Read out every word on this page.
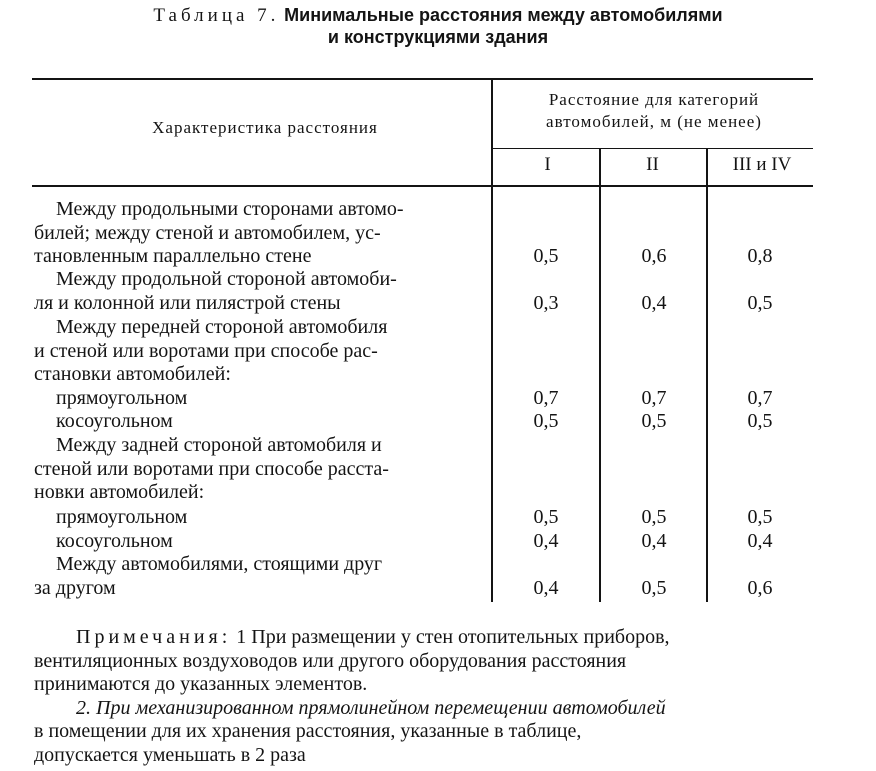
Таблица 7. Минимальные расстояния между автомобилями
и конструкциями здания
Характеристика расстояния
Расстояние для категорий
автомобилей, м (не менее)
I	II	III и IV
Между продольными сторонами автомо-
билей; между стеной и автомобилем, ус-
тановленным параллельно стене	0,5	0,6	0,8
Между продольной стороной автомоби-
ля и колонной или пилястрой стены	0,3	0,4	0,5
Между передней стороной автомобиля
и стеной или воротами при способе рас-
становки автомобилей:
прямоугольном	0,7	0,7	0,7
косоугольном	0,5	0,5	0,5
Между задней стороной автомобиля и
стеной или воротами при способе расста-
новки автомобилей:
прямоугольном	0,5	0,5	0,5
косоугольном	0,4	0,4	0,4
Между автомобилями, стоящими друг
за другом	0,4	0,5	0,6
Примечания: 1 При размещении у стен отопительных приборов,
вентиляционных воздуховодов или другого оборудования расстояния
принимаются до указанных элементов.
2. При механизированном прямолинейном перемещении автомобилей
в помещении для их хранения расстояния, указанные в таблице,
допускается уменьшать в 2 раза
